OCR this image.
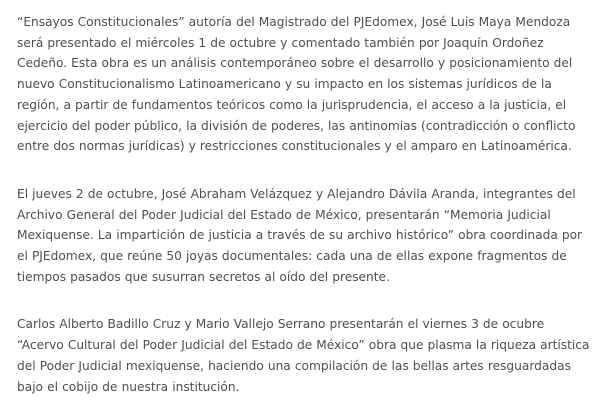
“Ensayos Constitucionales” autoría del Magistrado del PJEdomex, José Luis Maya Mendoza será presentado el miércoles 1 de octubre y comentado también por Joaquín Ordoñez Cedeño. Esta obra es un análisis contemporáneo sobre el desarrollo y posicionamiento del nuevo Constitucionalismo Latinoamericano y su impacto en los sistemas jurídicos de la región, a partir de fundamentos teóricos como la jurisprudencia, el acceso a la justicia, el ejercicio del poder público, la división de poderes, las antinomias (contradicción o conflicto entre dos normas jurídicas) y restricciones constitucionales y el amparo en Latinoamérica.

El jueves 2 de octubre, José Abraham Velázquez y Alejandro Dávila Aranda, integrantes del Archivo General del Poder Judicial del Estado de México, presentarán “Memoria Judicial Mexiquense. La impartición de justicia a través de su archivo histórico” obra coordinada por el PJEdomex, que reúne 50 joyas documentales: cada una de ellas expone fragmentos de tiempos pasados que susurran secretos al oído del presente.

Carlos Alberto Badillo Cruz y Mario Vallejo Serrano presentarán el viernes 3 de ocubre “Acervo Cultural del Poder Judicial del Estado de México” obra que plasma la riqueza artística del Poder Judicial mexiquense, haciendo una compilación de las bellas artes resguardadas bajo el cobijo de nuestra institución.
